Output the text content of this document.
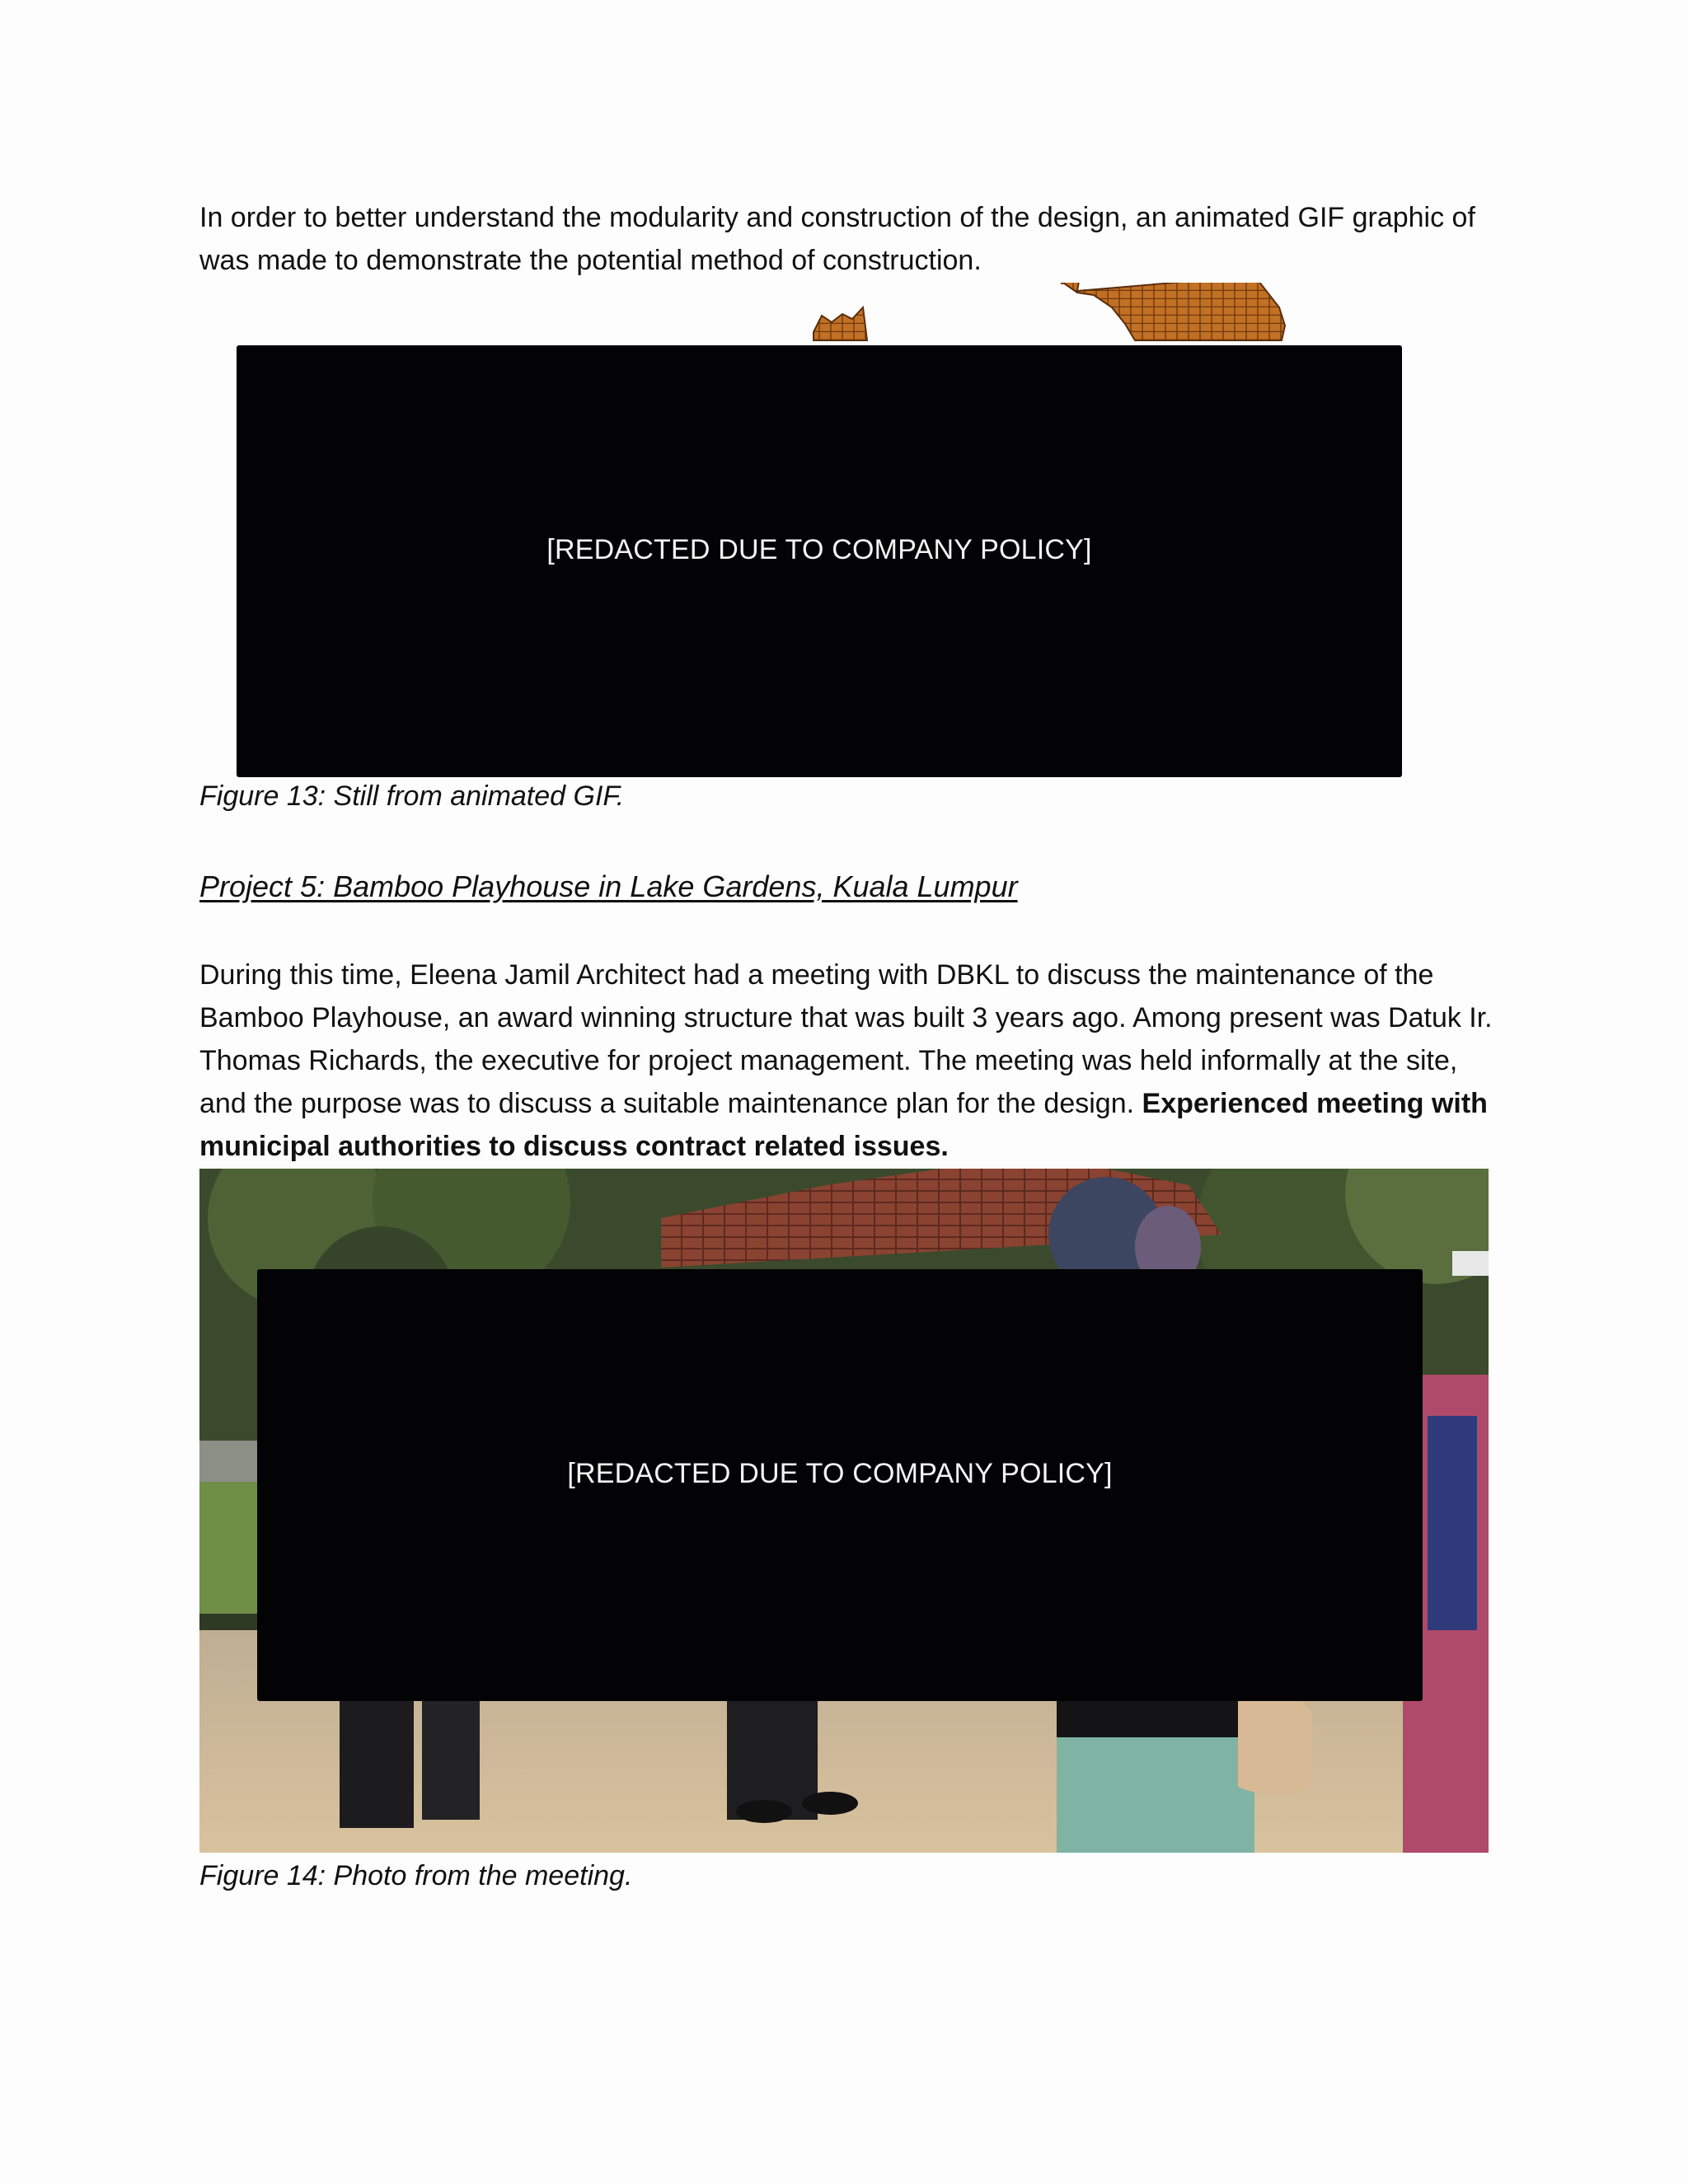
In order to better understand the modularity and construction of the design, an animated GIF graphic of was made to demonstrate the potential method of construction.

[REDACTED DUE TO COMPANY POLICY]

Figure 13: Still from animated GIF.

Project 5: Bamboo Playhouse in Lake Gardens, Kuala Lumpur

During this time, Eleena Jamil Architect had a meeting with DBKL to discuss the maintenance of the Bamboo Playhouse, an award winning structure that was built 3 years ago. Among present was Datuk Ir. Thomas Richards, the executive for project management. The meeting was held informally at the site, and the purpose was to discuss a suitable maintenance plan for the design. Experienced meeting with municipal authorities to discuss contract related issues.

[REDACTED DUE TO COMPANY POLICY]

Figure 14: Photo from the meeting.
